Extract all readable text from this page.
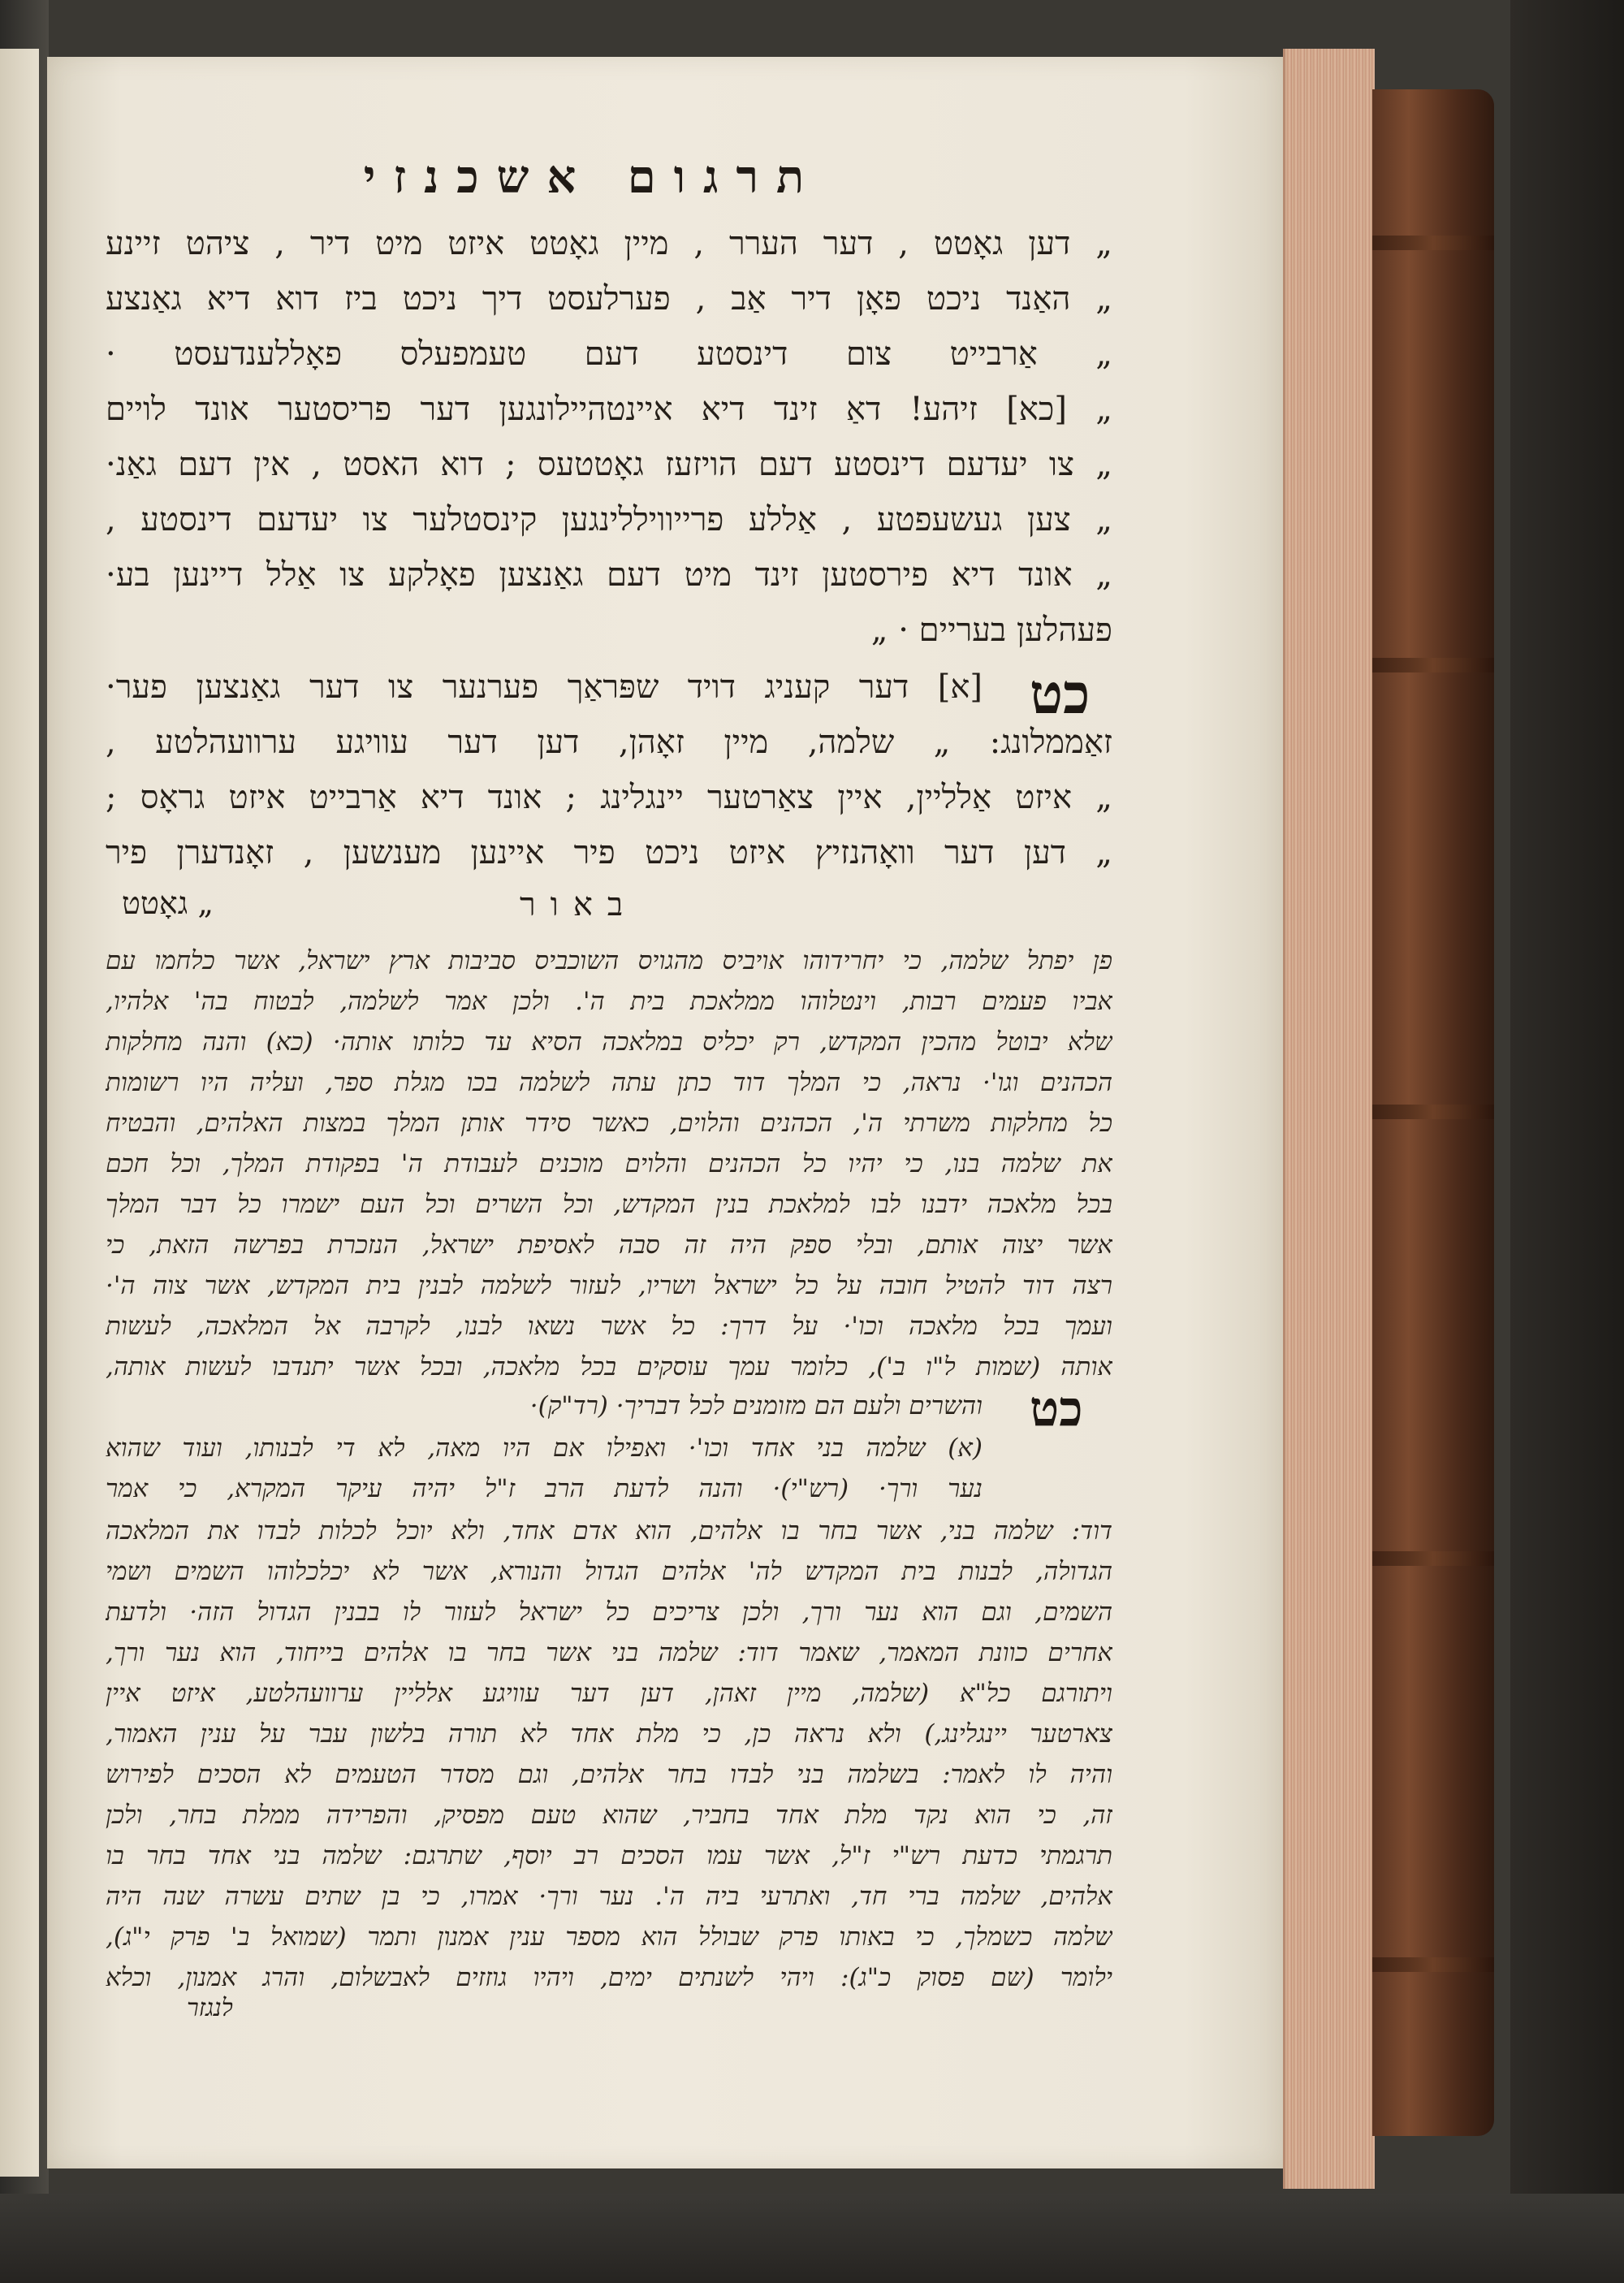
תרגום אשכנזי
„ דען גאָטט , דער הערר , מיין גאָטט איזט מיט דיר , ציהט זיינע
„ האַנד ניכט פאָן דיר אַב , פערלעסט דיך ניכט ביז דוא דיא גאַנצע
„ אַרבייט צום דינסטע דעם טעמפעלס פאָללענדעסט ·
„ [כא] זיהע! דאַ זינד דיא איינטהיילונגען דער פריסטער אונד לויים
„ צו יעדעם דינסטע דעם הויזעז גאָטטעס ; דוא האסט , אין דעם גאַנ·
„ צען געשעפטע , אַללע פרייוויללינגען קינסטלער צו יעדעם דינסטע ,
„ אונד דיא פירסטען זינד מיט דעם גאַנצען פאָלקע צו אַלל דיינען בע·
פעהלען בעריים · „
[א] דער קעניג דויד שפּראַך פערנער צו דער גאַנצען פער·
זאַממלונג: „ שלמה, מיין זאָהן, דען דער עוויגע ערוועהלטע ,
„ איזט אַלליין, איין צאַרטער יינגלינג ; אונד דיא אַרבייט איזט גראָס ;
„ דען דער וואָהנזיץ איזט ניכט פיר איינען מענשען , זאָנדערן פיר
כט
באור
„ גאָטט
פן יפתל שלמה, כי יחרידוהו אויביס מהגויס השוכביס סביבות ארץ ישראל, אשר כלחמו עם
אביו פעמים רבות, וינטלוהו ממלאכת בית ה'. ולכן אמר לשלמה, לבטוח בה' אלהיו,
שלא יבוטל מהכין המקדש, רק יכליס במלאכה הסיא עד כלותו אותה· (כא) והנה מחלקות
הכהנים וגו'· נראה, כי המלך דוד כתן עתה לשלמה בכו מגלת ספר, ועליה היו רשומות
כל מחלקות משרתי ה', הכהנים והלוים, כאשר סידר אותן המלך במצות האלהים, והבטיח
את שלמה בנו, כי יהיו כל הכהנים והלוים מוכנים לעבודת ה' בפקודת המלך, וכל חכם
בכל מלאכה ידבנו לבו למלאכת בנין המקדש, וכל השרים וכל העם ישמרו כל דבר המלך
אשר יצוה אותם, ובלי ספק היה זה סבה לאסיפת ישראל, הנזכרת בפרשה הזאת, כי
רצה דוד להטיל חובה על כל ישראל ושריו, לעזור לשלמה לבנין בית המקדש, אשר צוה ה'·
ועמך בכל מלאכה וכו'· על דרך: כל אשר נשאו לבנו, לקרבה אל המלאכה, לעשות
אותה (שמות ל"ו ב'), כלומר עמך עוסקים בכל מלאכה, ובכל אשר יתנדבו לעשות אותה,
והשרים ולעם הם מזומנים לכל דבריך· (רד"ק)·
(א) שלמה בני אחד וכו'· ואפילו אם היו מאה, לא די לבנותו, ועוד שהוא
נער ורך· (רש"י)· והנה לדעת הרב ז"ל יהיה עיקר המקרא, כי אמר
דוד: שלמה בני, אשר בחר בו אלהים, הוא אדם אחד, ולא יוכל לכלות לבדו את המלאכה
הגדולה, לבנות בית המקדש לה' אלהים הגדול והנורא, אשר לא יכלכלוהו השמים ושמי
השמים, וגם הוא נער ורך, ולכן צריכים כל ישראל לעזור לו בבנין הגדול הזה· ולדעת
אחרים כוונת המאמר, שאמר דוד: שלמה בני אשר בחר בו אלהים בייחוד, הוא נער ורך,
ויתורגם כל"א (שלמה, מיין זאהן, דען דער עוויגע אלליין ערוועהלטע, איזט איין
צארטער יינגלינג,) ולא נראה כן, כי מלת אחד לא תורה בלשון עבר על ענין האמור,
והיה לו לאמר: בשלמה בני לבדו בחר אלהים, וגם מסדר הטעמים לא הסכים לפירוש
זה, כי הוא נקד מלת אחד בחביר, שהוא טעם מפסיק, והפרידה ממלת בחר, ולכן
תרגמתי כדעת רש"י ז"ל, אשר עמו הסכים רב יוסף, שתרגם: שלמה בני אחד בחר בו
אלהים, שלמה ברי חד, ואתרעי ביה ה'. נער ורך· אמרו, כי בן שתים עשרה שנה היה
שלמה כשמלך, כי באותו פרק שבולל הוא מספר ענין אמנון ותמר (שמואל ב' פרק י"ג),
ילומר (שם פסוק כ"ג): ויהי לשנתים ימים, ויהיו גוזזים לאבשלום, והרג אמנון, וכלא
כט
לנגזר
